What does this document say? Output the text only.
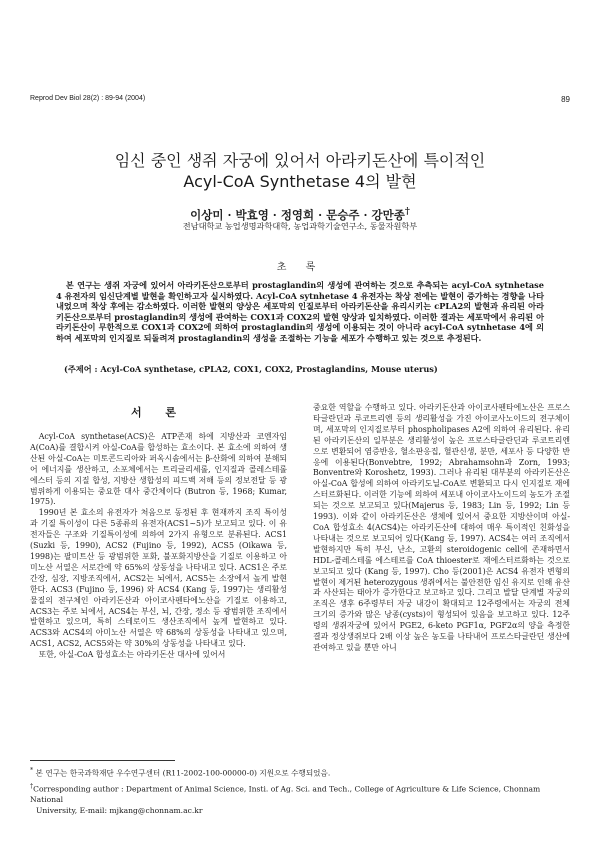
Reprod Dev Biol 28(2) : 89-94 (2004)	89
임신 중인 생쥐 자궁에 있어서 아라키돈산에 특이적인
Acyl-CoA Synthetase 4의 발현
이상미 · 박효영 · 정영희 · 문승주 · 강만종†
전남대학교 농업생명과학대학, 농업과학기술연구소, 동물자원학부
초 록
본 연구는 생쥐 자궁에 있어서 아라키돈산으로부터 prostaglandin의 생성에 관여하는 것으로 추측되는 acyl-CoA sytnhetase 4 유전자의 임신단계별 발현을 확인하고자 실시하였다. Acyl-CoA sytnhetase 4 유전자는 착상 전에는 발현이 증가하는 경향을 나타내었으며 착상 후에는 감소하였다. 이러한 발현의 양상은 세포막의 인질로부터 아라키돈산을 유리시키는 cPLA2의 발현과 유리된 아라키돈산으로부터 prostaglandin의 생성에 관여하는 COX1과 COX2의 발현 양상과 일치하였다. 이러한 결과는 세포막에서 유리된 아라키돈산이 무한적으로 COX1과 COX2에 의하여 prostaglandin의 생성에 이용되는 것이 아니라 acyl-CoA sytnhetase 4에 의하여 세포막의 인지질로 되돌려져 prostaglandin의 생성을 조절하는 기능을 세포가 수행하고 있는 것으로 추정된다.
(주제어 : Acyl-CoA synthetase, cPLA2, COX1, COX2, Prostaglandins, Mouse uterus)
서 론

Acyl-CoA synthetase(ACS)은 ATP존재 하에 지방산과 코엔자임 A(CoA)를 결합시켜 아실-CoA를 합성하는 효소이다. 본 효소에 의하여 생산된 아실-CoA는 미토콘드리아와 퍼옥시솜에서는 β-산화에 의하여 분해되어 에너지를 생산하고, 소포체에서는 트리글리세롤, 인지질과 콜레스테롤 에스터 등의 지질 합성, 지방산 생합성의 피드백 저해 등의 정보전달 등 광범위하게 이용되는 중요한 대사 중간체이다 (Butron 등, 1968; Kumar, 1975).

1990년 본 효소의 유전자가 처음으로 동정된 후 현재까지 조직 특이성과 기질 특이성이 다른 5종류의 유전자(ACS1~5)가 보고되고 있다. 이 유전자들은 구조와 기질특이성에 의하여 2가지 유형으로 분류된다. ACS1 (Suzki 등, 1990), ACS2 (Fujino 등, 1992), ACS5 (Oikawa 등, 1998)는 팔미트산 등 광범위한 포화, 불포화지방산을 기질로 이용하고 아미노산 서열은 서로간에 약 65%의 상동성을 나타내고 있다. ACS1은 주로 간장, 심장, 지방조직에서, ACS2는 뇌에서, ACS5는 소장에서 높게 발현한다. ACS3 (Fujino 등, 1996) 와 ACS4 (Kang 등, 1997)는 생리활성물질의 전구체인 아라키돈산과 아이코사펜타에노산을 기질로 이용하고, ACS3는 주로 뇌에서, ACS4는 부신, 뇌, 간장, 정소 등 광범위한 조직에서 발현하고 있으며, 특히 스테로이드 생산조직에서 높게 발현하고 있다. ACS3와 ACS4의 아미노산 서열은 약 68%의 상동성을 나타내고 있으며, ACS1, ACS2, ACS5와는 약 30%의 상동성을 나타내고 있다.

또한, 아실-CoA 합성효소는 아라키돈산 대사에 있어서

중요한 역할을 수행하고 있다. 아라키돈산과 아이코사펜타에노산은 프로스타글란딘과 루코트리엔 등의 생리활성을 가진 아이코사노이드의 전구체이며, 세포막의 인지질로부터 phospholipases A2에 의하여 유리된다. 유리된 아라키돈산의 일부분은 생리활성이 높은 프로스타글란딘과 루코트리엔으로 변환되어 염증반응, 혈소판응집, 혈관신생, 분만, 세포사 등 다양한 반응에 이용된다(Bonvebtre, 1992; Abrahamsohn과 Zorn, 1993; Bonventre와 Koroshetz, 1993). 그러나 유리된 대부분의 아라키돈산은 아실-CoA 합성에 의하여 아라키도닐-CoA로 변환되고 다시 인지질로 재에스터르화된다. 이러한 기능에 의하여 세포내 아이코사노이드의 농도가 조절되는 것으로 보고되고 있다(Majerus 등, 1983; Lin 등, 1992; Lin 등 1993). 이와 같이 아라키돈산은 생체에 있어서 중요한 지방산이며 아실-CoA 합성효소 4(ACS4)는 아라키돈산에 대하여 매우 특이적인 친화성을 나타내는 것으로 보고되어 있다(Kang 등, 1997). ACS4는 여러 조직에서 발현하지만 특히 부신, 난소, 고환의 steroidogenic cell에 존재하면서 HDL-콜레스테롤 에스테르를 CoA thioester로 재에스터르화하는 것으로 보고되고 있다 (Kang 등, 1997). Cho 등(2001)은 ACS4 유전자 변형의 발현이 제거된 heterozygous 생쥐에서는 불안전한 임신 유지로 인해 유산과 사산되는 태아가 증가한다고 보고하고 있다. 그리고 발달 단계별 자궁의 조직은 생후 6주령부터 자궁 내강이 확대되고 12주령에서는 자궁의 전체 크기의 증가와 많은 낭종(cysts)이 형성되어 있음을 보고하고 있다. 12주령의 생쥐자궁에 있어서 PGE2, 6-keto PGF1α, PGF2α의 양을 측정한 결과 정상생쥐보다 2배 이상 높은 농도를 나타내어 프로스타글란딘 생산에 관여하고 있을 뿐만 아니

* 본 연구는 한국과학재단 우수연구센터 (R11-2002-100-00000-0) 지원으로 수행되었음.
†Corresponding author : Department of Animal Science, Insti. of Ag. Sci. and Tech., College of Agriculture & Life Science, Chonnam National
University, E-mail: mjkang@chonnam.ac.kr
